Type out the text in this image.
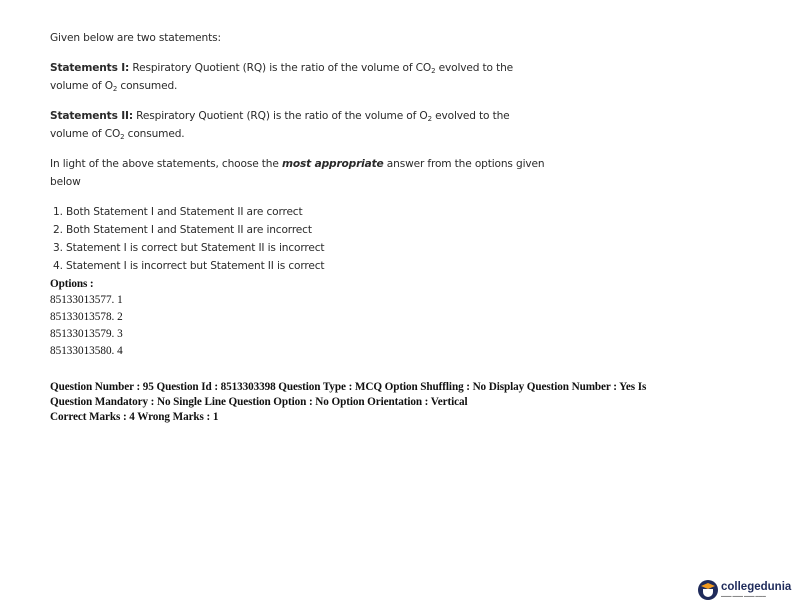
Given below are two statements:
Statements I: Respiratory Quotient (RQ) is the ratio of the volume of $CO_2$ evolved to the
volume of $O_2$ consumed.
Statements II: Respiratory Quotient (RQ) is the ratio of the volume of $O_2$ evolved to the
volume of $CO_2$ consumed.
In light of the above statements, choose the most appropriate answer from the options given
below
1. Both Statement I and Statement II are correct
2. Both Statement I and Statement II are incorrect
3. Statement I is correct but Statement II is incorrect
4. Statement I is incorrect but Statement II is correct
Options :
85133013577. 1
85133013578. 2
85133013579. 3
85133013580. 4
Question Number : 95 Question Id : 8513303398 Question Type : MCQ Option Shuffling : No Display Question Number : Yes Is
Question Mandatory : No Single Line Question Option : No Option Orientation : Vertical
Correct Marks : 4 Wrong Marks : 1
collegedunia
▬▬▬ ▬▬▬ ▬▬▬ ▬▬▬
